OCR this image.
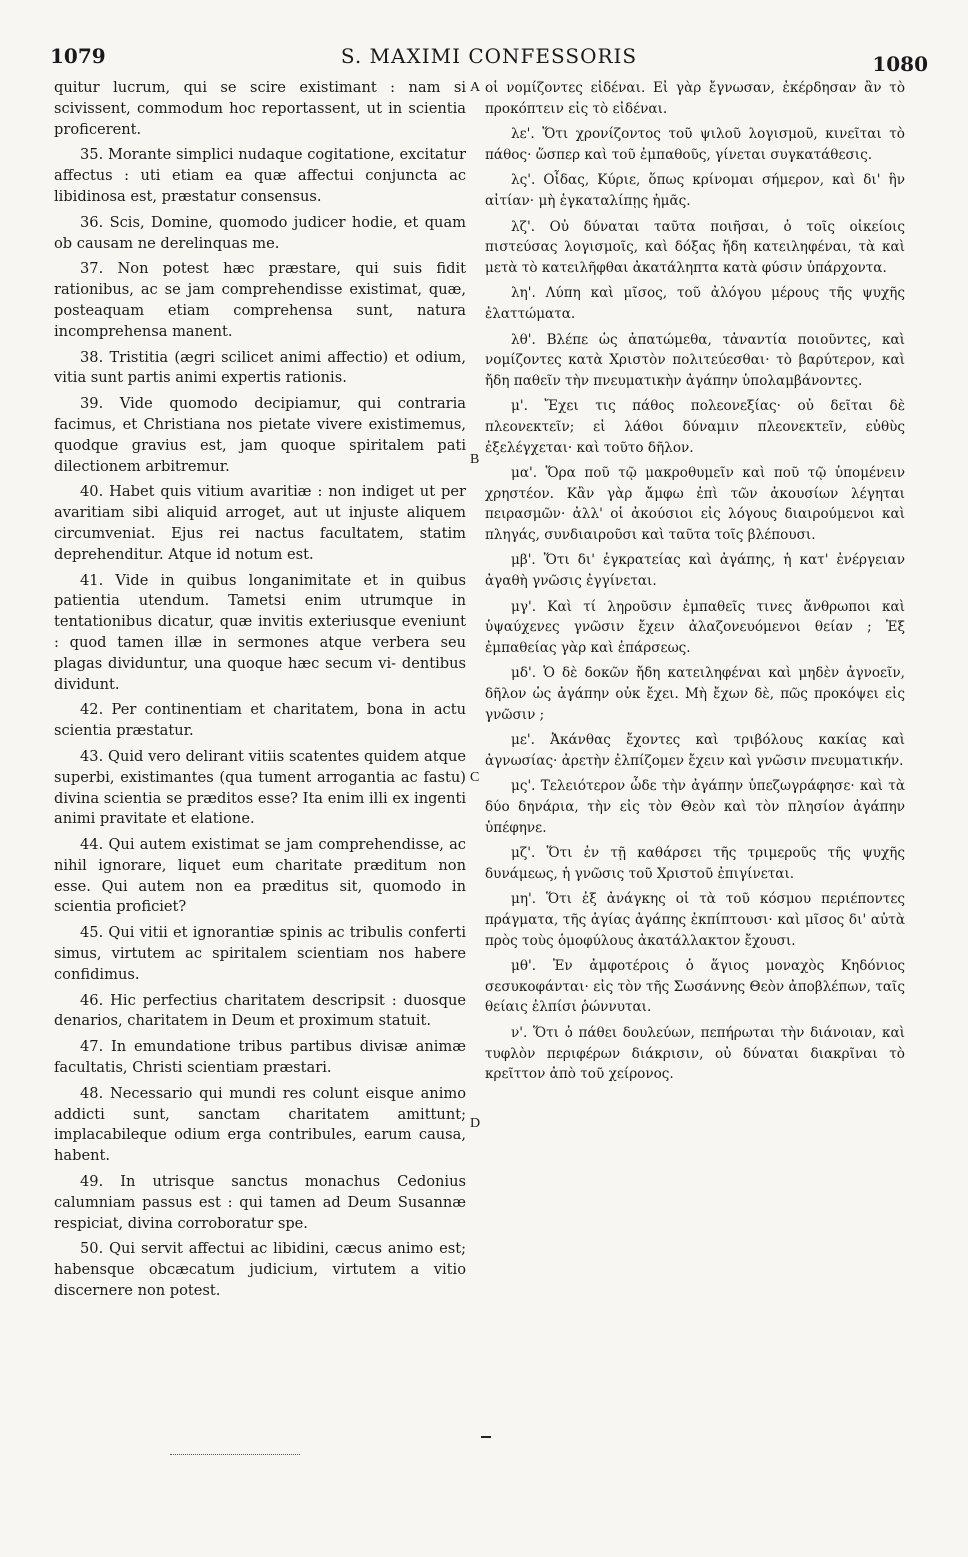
1079	S. MAXIMI CONFESSORIS	1080
A
B
C
D

quitur lucrum, qui se scire existimant : nam si scivissent, commodum hoc reportassent, ut in scientia proficerent.

35. Morante simplici nudaque cogitatione, excitatur affectus : uti etiam ea quæ affectui conjuncta ac libidinosa est, præstatur consensus.

36. Scis, Domine, quomodo judicer hodie, et quam ob causam ne derelinquas me.

37. Non potest hæc præstare, qui suis fidit rationibus, ac se jam comprehendisse existimat, quæ, posteaquam etiam comprehensa sunt, natura incomprehensa manent.

38. Tristitia (ægri scilicet animi affectio) et odium, vitia sunt partis animi expertis rationis.

39. Vide quomodo decipiamur, qui contraria facimus, et Christiana nos pietate vivere existimemus, quodque gravius est, jam quoque spiritalem pati dilectionem arbitremur.

40. Habet quis vitium avaritiæ : non indiget ut per avaritiam sibi aliquid arroget, aut ut injuste aliquem circumveniat. Ejus rei nactus facultatem, statim deprehenditur. Atque id notum est.

41. Vide in quibus longanimitate et in quibus patientia utendum. Tametsi enim utrumque in tentationibus dicatur, quæ invitis exteriusque eveniunt : quod tamen illæ in sermones atque verbera seu plagas dividuntur, una quoque hæc secum vi- dentibus dividunt.

42. Per continentiam et charitatem, bona in actu scientia præstatur.

43. Quid vero delirant vitiis scatentes quidem atque superbi, existimantes (qua tument arrogantia ac fastu) divina scientia se præditos esse? Ita enim illi ex ingenti animi pravitate et elatione.

44. Qui autem existimat se jam comprehendisse, ac nihil ignorare, liquet eum charitate præditum non esse. Qui autem non ea præditus sit, quomodo in scientia proficiet?

45. Qui vitii et ignorantiæ spinis ac tribulis conferti simus, virtutem ac spiritalem scientiam nos habere confidimus.

46. Hic perfectius charitatem descripsit : duosque denarios, charitatem in Deum et proximum statuit.

47. In emundatione tribus partibus divisæ animæ facultatis, Christi scientiam præstari.

48. Necessario qui mundi res colunt eisque animo addicti sunt, sanctam charitatem amittunt; implacabileque odium erga contribules, earum causa, habent.

49. In utrisque sanctus monachus Cedonius calumniam passus est : qui tamen ad Deum Susannæ respiciat, divina corroboratur spe.

50. Qui servit affectui ac libidini, cæcus animo est; habensque obcæcatum judicium, virtutem a vitio discernere non potest.

οἱ νομίζοντες εἰδέναι. Εἰ γὰρ ἔγνωσαν, ἐκέρδησαν ἂν τὸ προκόπτειν εἰς τὸ εἰδέναι.

λε'. Ὅτι χρονίζοντος τοῦ ψιλοῦ λογισμοῦ, κινεῖται τὸ πάθος· ὥσπερ καὶ τοῦ ἐμπαθοῦς, γίνεται συγκατάθεσις.

λς'. Οἶδας, Κύριε, ὅπως κρίνομαι σήμερον, καὶ δι' ἣν αἰτίαν· μὴ ἐγκαταλίπῃς ἡμᾶς.

λζ'. Οὐ δύναται ταῦτα ποιῆσαι, ὁ τοῖς οἰκείοις πιστεύσας λογισμοῖς, καὶ δόξας ἤδη κατειληφέναι, τὰ καὶ μετὰ τὸ κατειλῆφθαι ἀκατάληπτα κατὰ φύσιν ὑπάρχοντα.

λη'. Λύπη καὶ μῖσος, τοῦ ἀλόγου μέρους τῆς ψυχῆς ἐλαττώματα.

λθ'. Βλέπε ὡς ἀπατώμεθα, τἀναντία ποιοῦντες, καὶ νομίζοντες κατὰ Χριστὸν πολιτεύεσθαι· τὸ βαρύτερον, καὶ ἤδη παθεῖν τὴν πνευματικὴν ἀγάπην ὑπολαμβάνοντες.

μ'. Ἔχει τις πάθος πολεονεξίας· οὐ δεῖται δὲ πλεονεκτεῖν; εἰ λάθοι δύναμιν πλεονεκτεῖν, εὐθὺς ἐξελέγχεται· καὶ τοῦτο δῆλον.

μα'. Ὅρα ποῦ τῷ μακροθυμεῖν καὶ ποῦ τῷ ὑπομένειν χρηστέον. Κἂν γὰρ ἄμφω ἐπὶ τῶν ἀκουσίων λέγηται πειρασμῶν· ἀλλ' οἱ ἀκούσιοι εἰς λόγους διαιρούμενοι καὶ πληγάς, συνδιαιροῦσι καὶ ταῦτα τοῖς βλέπουσι.

μβ'. Ὅτι δι' ἐγκρατείας καὶ ἀγάπης, ἡ κατ' ἐνέργειαν ἀγαθὴ γνῶσις ἐγγίνεται.

μγ'. Καὶ τί ληροῦσιν ἐμπαθεῖς τινες ἄνθρωποι καὶ ὑψαύχενες γνῶσιν ἔχειν ἀλαζονευόμενοι θείαν ; Ἐξ ἐμπαθείας γὰρ καὶ ἐπάρσεως.

μδ'. Ὁ δὲ δοκῶν ἤδη κατειληφέναι καὶ μηδὲν ἀγνοεῖν, δῆλον ὡς ἀγάπην οὐκ ἔχει. Μὴ ἔχων δὲ, πῶς προκόψει εἰς γνῶσιν ;

με'. Ἀκάνθας ἔχοντες καὶ τριβόλους κακίας καὶ ἀγνωσίας· ἀρετὴν ἐλπίζομεν ἔχειν καὶ γνῶσιν πνευματικήν.

μς'. Τελειότερον ὧδε τὴν ἀγάπην ὑπεζωγράφησε· καὶ τὰ δύο δηνάρια, τὴν εἰς τὸν Θεὸν καὶ τὸν πλησίον ἀγάπην ὑπέφηνε.

μζ'. Ὅτι ἐν τῇ καθάρσει τῆς τριμεροῦς τῆς ψυχῆς δυνάμεως, ἡ γνῶσις τοῦ Χριστοῦ ἐπιγίνεται.

μη'. Ὅτι ἐξ ἀνάγκης οἱ τὰ τοῦ κόσμου περιέποντες πράγματα, τῆς ἁγίας ἀγάπης ἐκπίπτουσι· καὶ μῖσος δι' αὐτὰ πρὸς τοὺς ὁμοφύλους ἀκατάλλακτον ἔχουσι.

μθ'. Ἐν ἀμφοτέροις ὁ ἅγιος μοναχὸς Κηδόνιος σεσυκοφάνται· εἰς τὸν τῆς Σωσάννης Θεὸν ἀποβλέπων, ταῖς θείαις ἐλπίσι ῥώννυται.

ν'. Ὅτι ὁ πάθει δουλεύων, πεπήρωται τὴν διάνοιαν, καὶ τυφλὸν περιφέρων διάκρισιν, οὐ δύναται διακρῖναι τὸ κρεῖττον ἀπὸ τοῦ χείρονος.
